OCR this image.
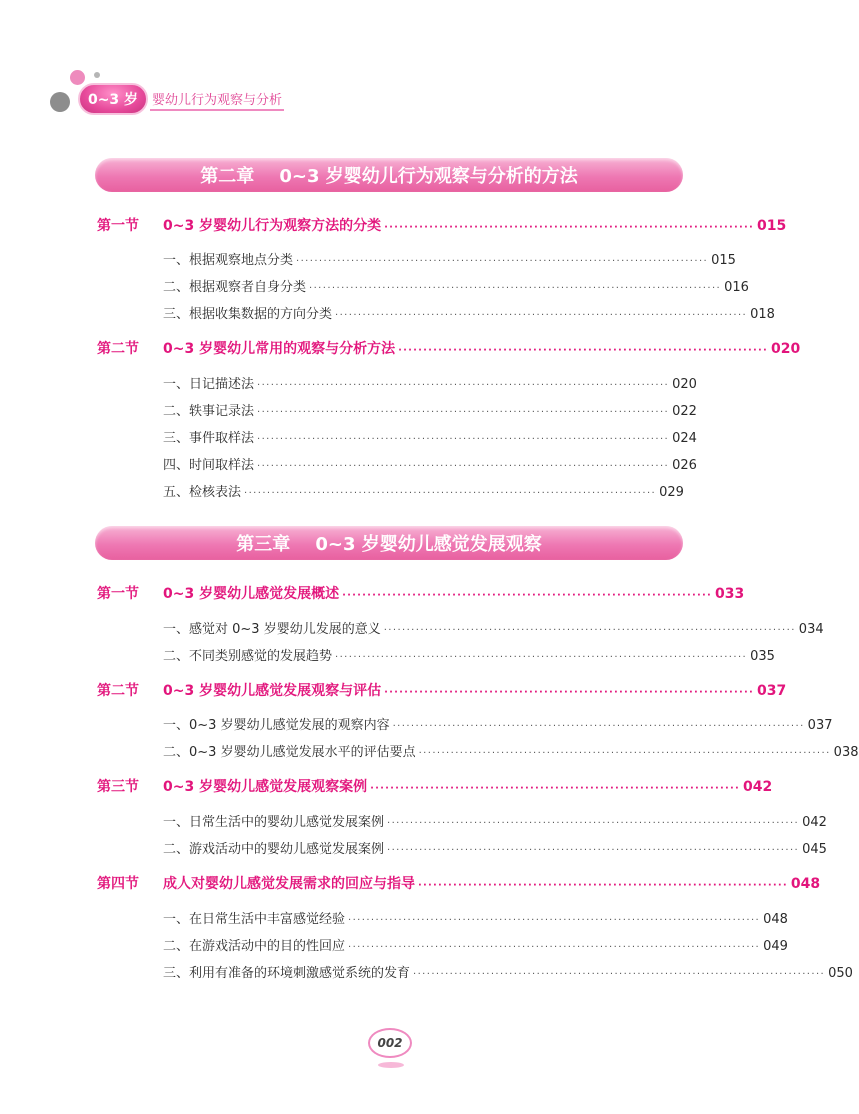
0~3 岁	婴幼儿行为观察与分析
第二章    0~3 岁婴幼儿行为观察与分析的方法
第一节	0~3 岁婴幼儿行为观察方法的分类 ·········································································· 015
一、根据观察地点分类 ·························································································· 015
二、根据观察者自身分类 ·························································································· 016
三、根据收集数据的方向分类 ·························································································· 018
第二节	0~3 岁婴幼儿常用的观察与分析方法 ·········································································· 020
一、日记描述法 ·························································································· 020
二、轶事记录法 ·························································································· 022
三、事件取样法 ·························································································· 024
四、时间取样法 ·························································································· 026
五、检核表法 ·························································································· 029
第三章    0~3 岁婴幼儿感觉发展观察
第一节	0~3 岁婴幼儿感觉发展概述 ·········································································· 033
一、感觉对 0~3 岁婴幼儿发展的意义 ·························································································· 034
二、不同类别感觉的发展趋势 ·························································································· 035
第二节	0~3 岁婴幼儿感觉发展观察与评估 ·········································································· 037
一、0~3 岁婴幼儿感觉发展的观察内容 ·························································································· 037
二、0~3 岁婴幼儿感觉发展水平的评估要点 ·························································································· 038
第三节	0~3 岁婴幼儿感觉发展观察案例 ·········································································· 042
一、日常生活中的婴幼儿感觉发展案例 ·························································································· 042
二、游戏活动中的婴幼儿感觉发展案例 ·························································································· 045
第四节	成人对婴幼儿感觉发展需求的回应与指导 ·········································································· 048
一、在日常生活中丰富感觉经验 ·························································································· 048
二、在游戏活动中的目的性回应 ·························································································· 049
三、利用有准备的环境刺激感觉系统的发育 ·························································································· 050
002
